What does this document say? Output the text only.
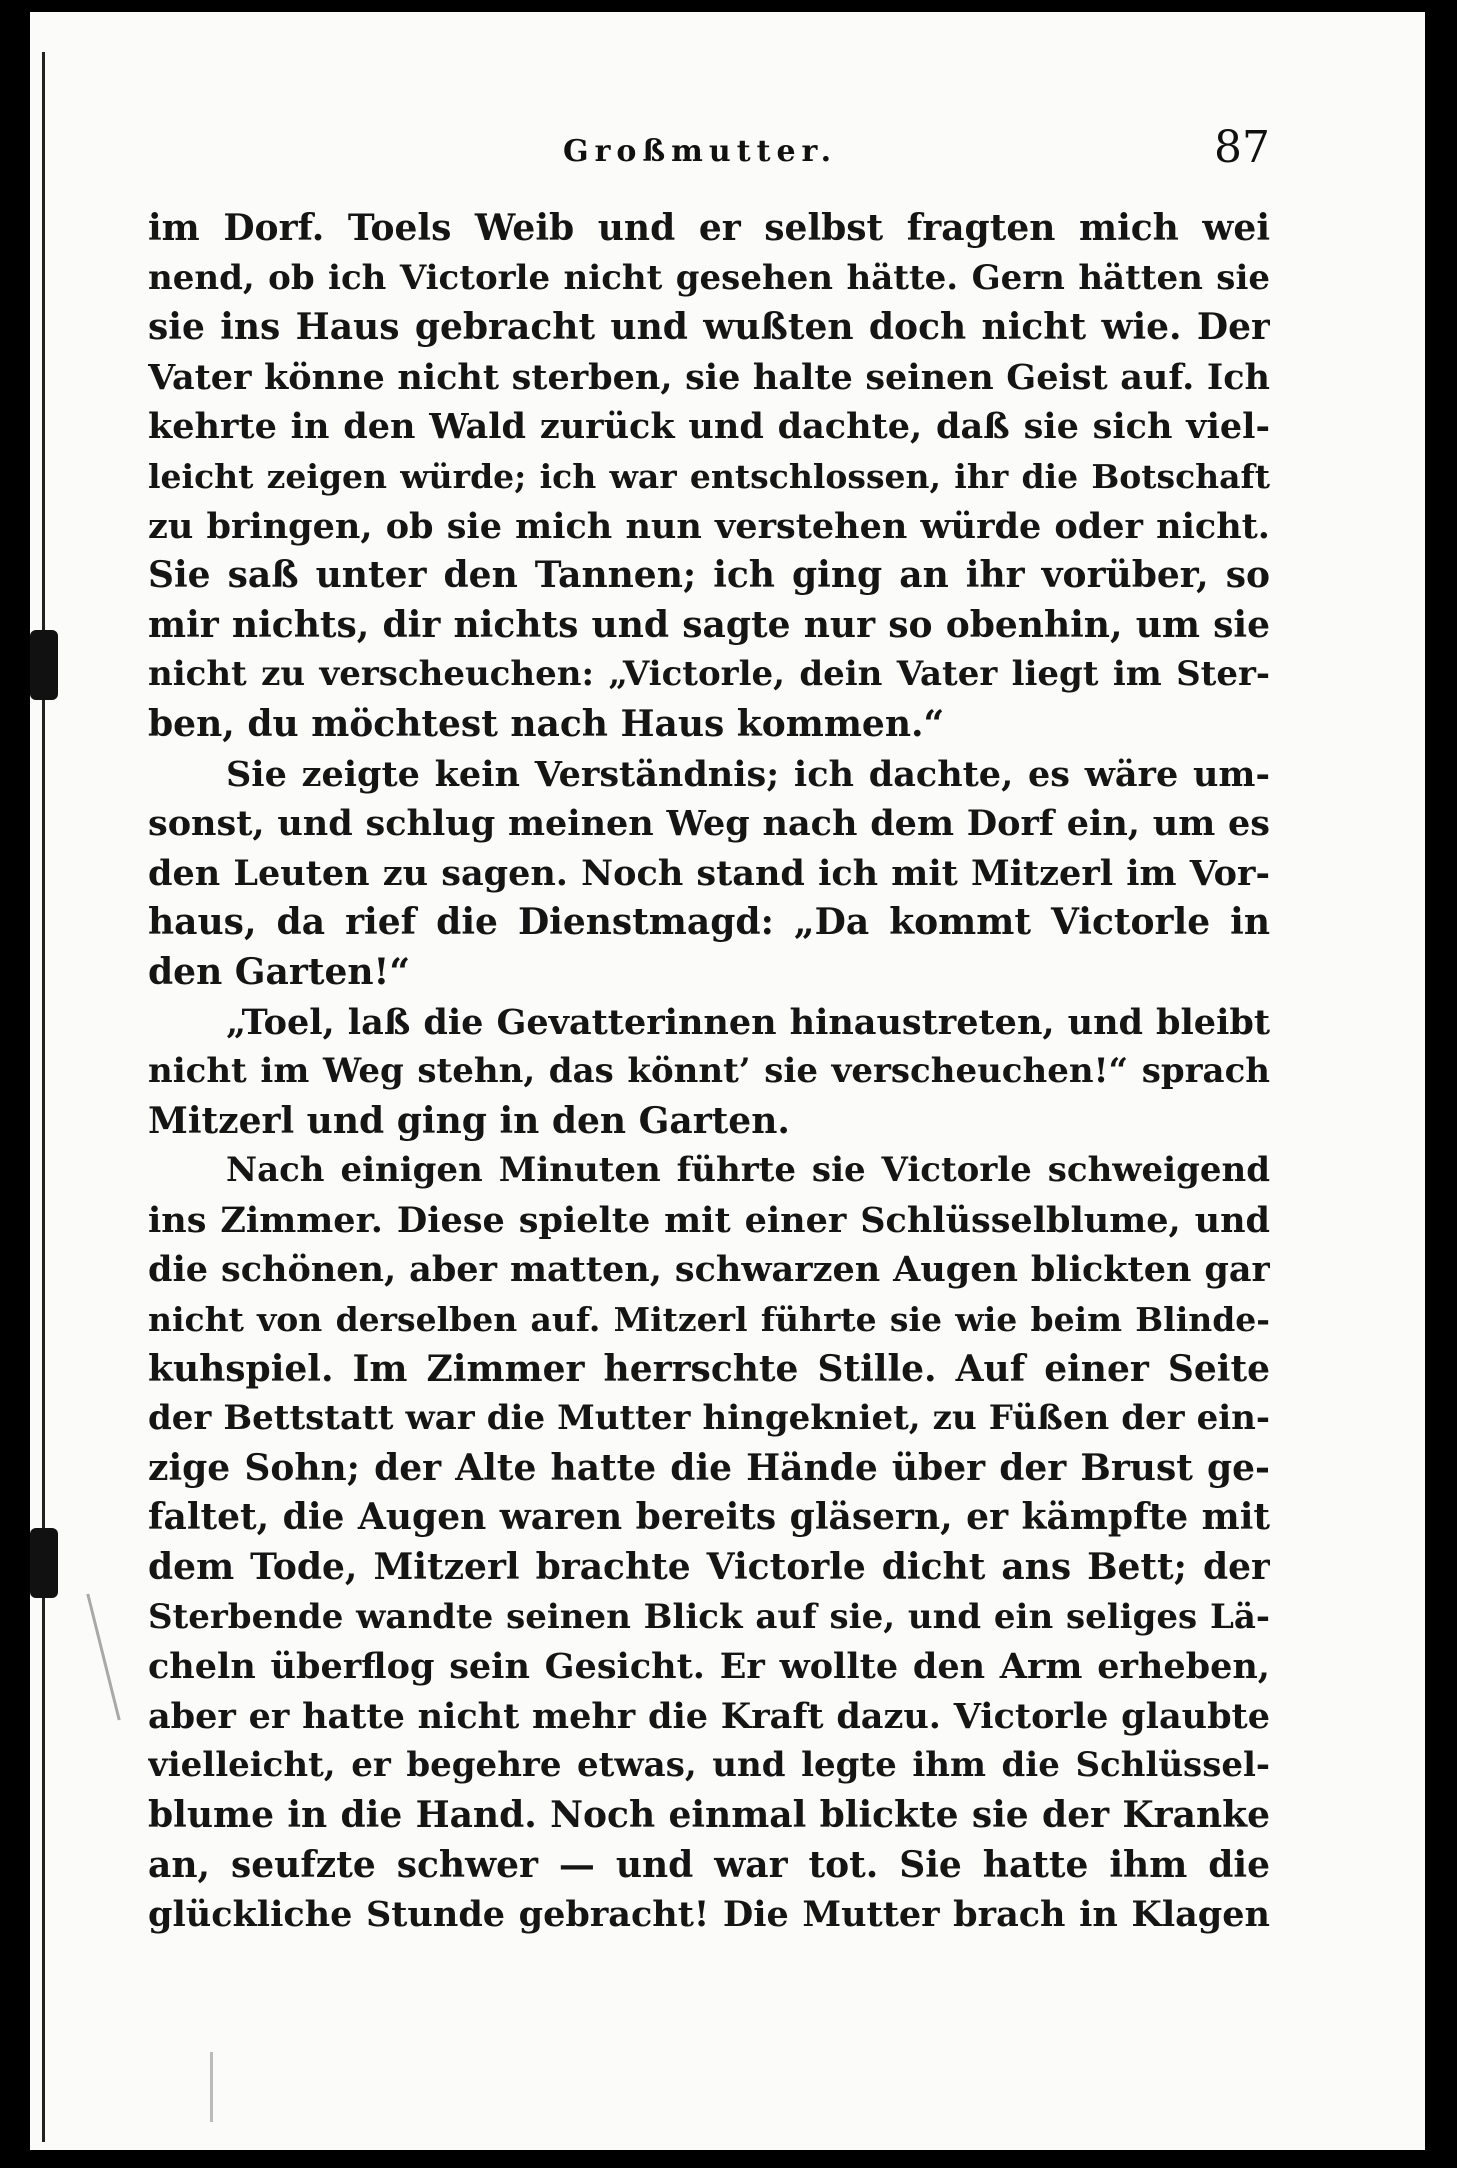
Großmutter.	87
im Dorf. Toels Weib und er selbst fragten mich wei
nend, ob ich Victorle nicht gesehen hätte. Gern hätten sie
sie ins Haus gebracht und wußten doch nicht wie. Der
Vater könne nicht sterben, sie halte seinen Geist auf. Ich
kehrte in den Wald zurück und dachte, daß sie sich viel-
leicht zeigen würde; ich war entschlossen, ihr die Botschaft
zu bringen, ob sie mich nun verstehen würde oder nicht.
Sie saß unter den Tannen; ich ging an ihr vorüber, so
mir nichts, dir nichts und sagte nur so obenhin, um sie
nicht zu verscheuchen: „Victorle, dein Vater liegt im Ster-
ben, du möchtest nach Haus kommen.“
Sie zeigte kein Verständnis; ich dachte, es wäre um-
sonst, und schlug meinen Weg nach dem Dorf ein, um es
den Leuten zu sagen. Noch stand ich mit Mitzerl im Vor-
haus, da rief die Dienstmagd: „Da kommt Victorle in
den Garten!“
„Toel, laß die Gevatterinnen hinaustreten, und bleibt
nicht im Weg stehn, das könnt’ sie verscheuchen!“ sprach
Mitzerl und ging in den Garten.
Nach einigen Minuten führte sie Victorle schweigend
ins Zimmer. Diese spielte mit einer Schlüsselblume, und
die schönen, aber matten, schwarzen Augen blickten gar
nicht von derselben auf. Mitzerl führte sie wie beim Blinde-
kuhspiel. Im Zimmer herrschte Stille. Auf einer Seite
der Bettstatt war die Mutter hingekniet, zu Füßen der ein-
zige Sohn; der Alte hatte die Hände über der Brust ge-
faltet, die Augen waren bereits gläsern, er kämpfte mit
dem Tode, Mitzerl brachte Victorle dicht ans Bett; der
Sterbende wandte seinen Blick auf sie, und ein seliges Lä-
cheln überflog sein Gesicht. Er wollte den Arm erheben,
aber er hatte nicht mehr die Kraft dazu. Victorle glaubte
vielleicht, er begehre etwas, und legte ihm die Schlüssel-
blume in die Hand. Noch einmal blickte sie der Kranke
an, seufzte schwer — und war tot. Sie hatte ihm die
glückliche Stunde gebracht! Die Mutter brach in Klagen
